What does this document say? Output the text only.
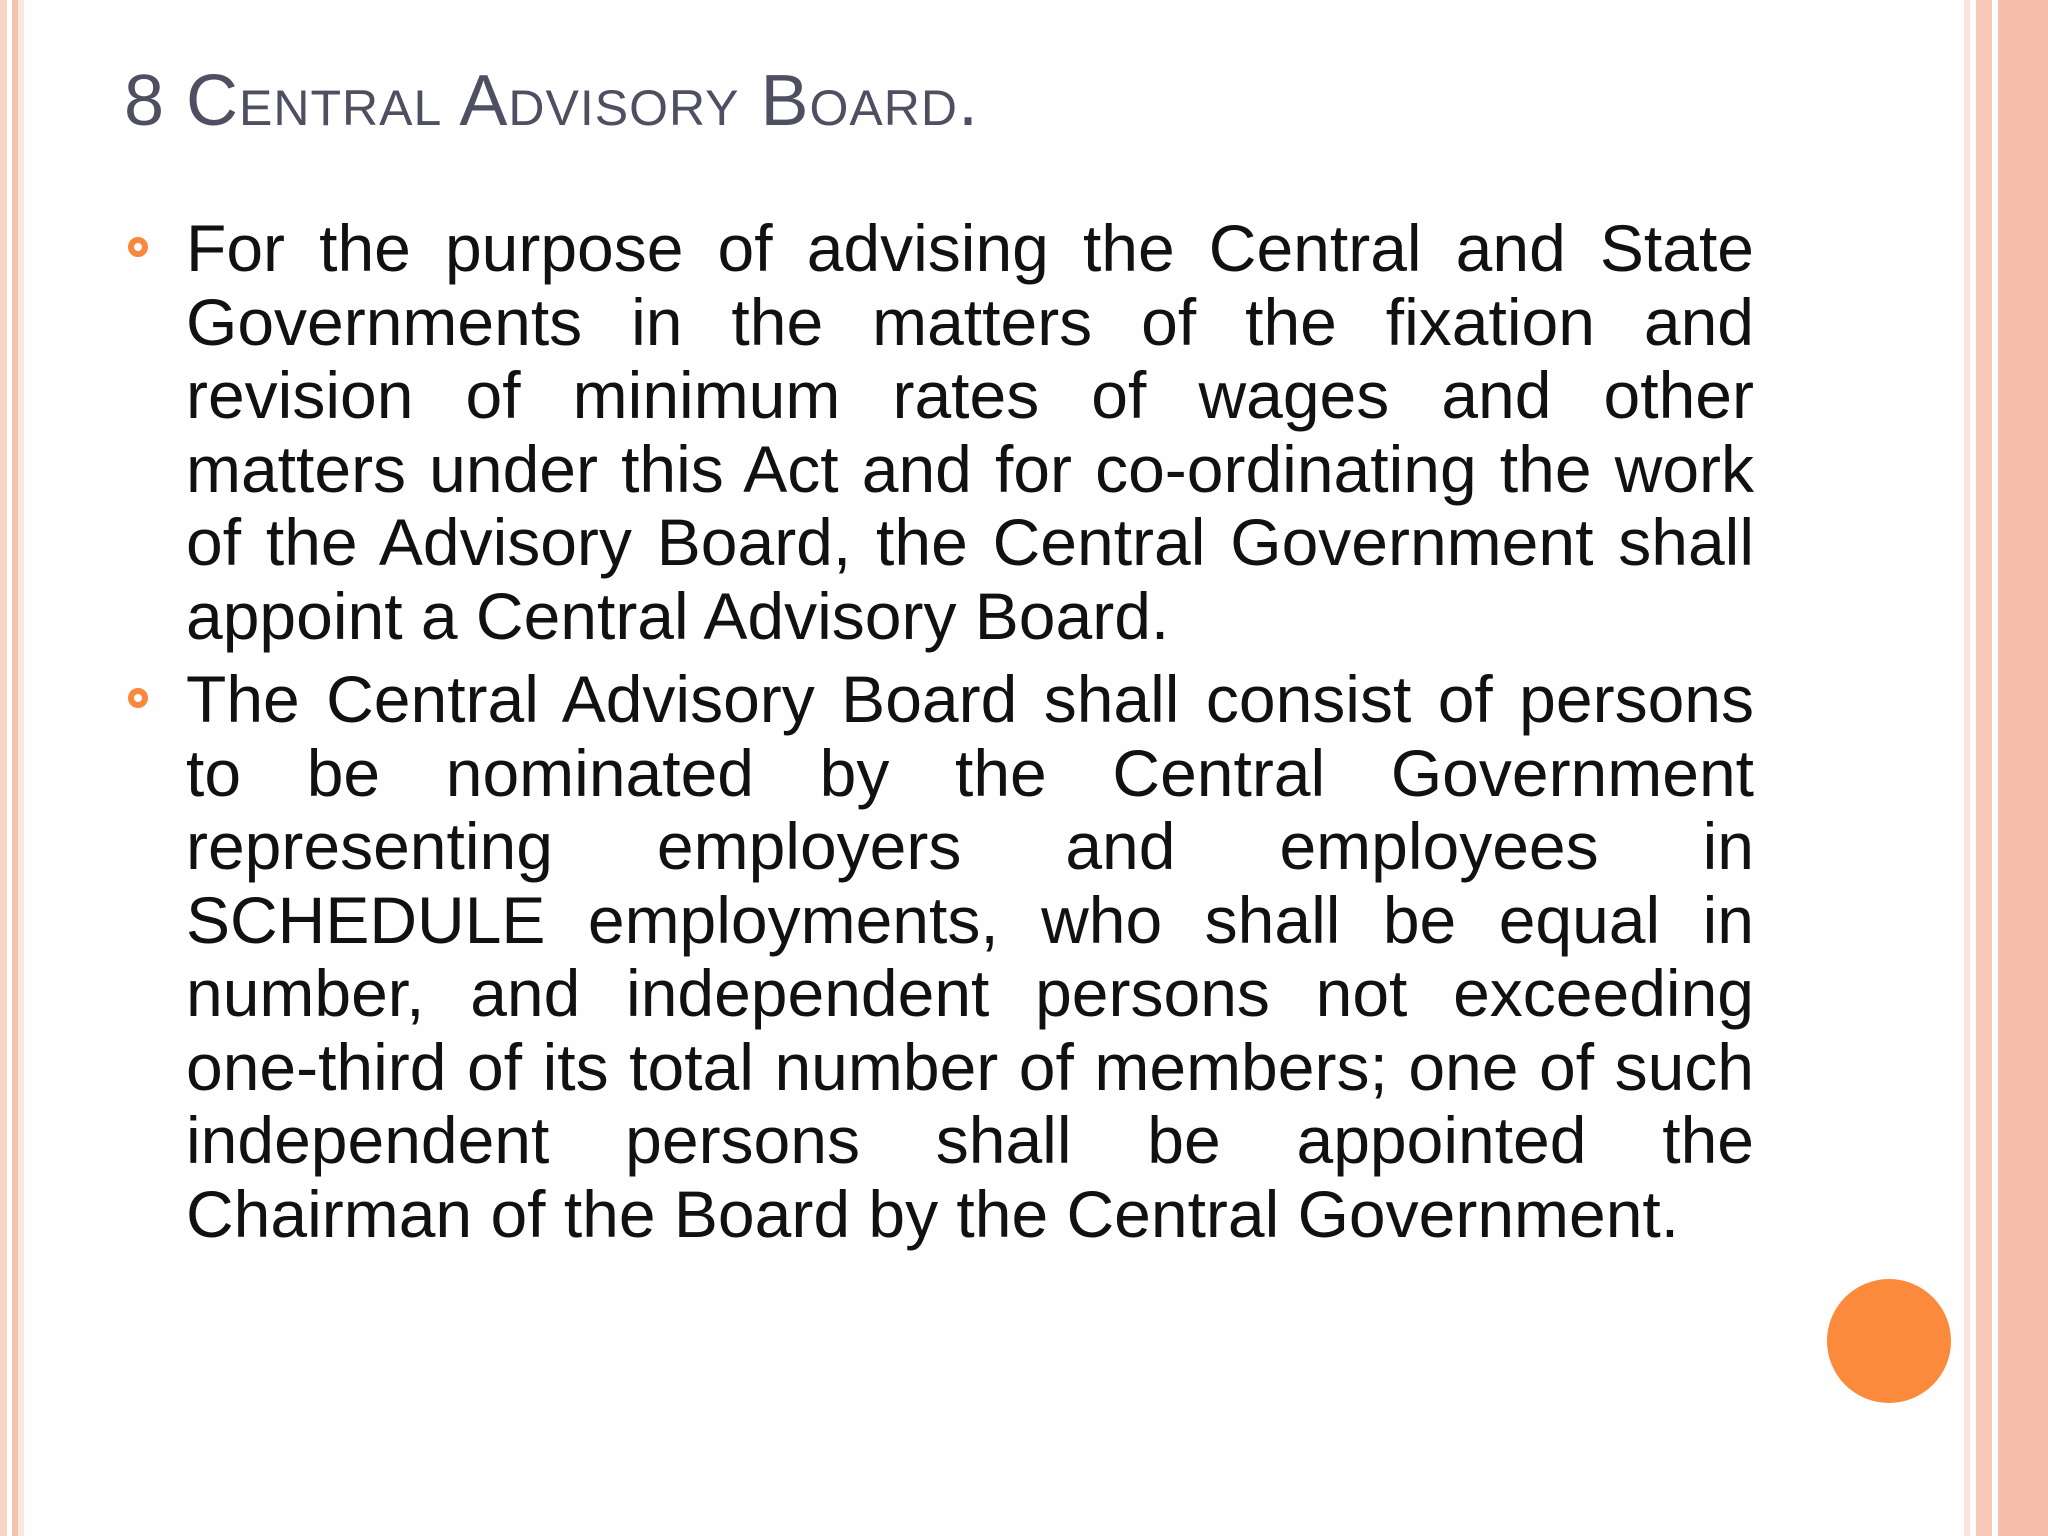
8 Central Advisory Board.
For the purpose of advising the Central and State Governments in the matters of the fixation and revision of minimum rates of wages and other matters under this Act and for co-ordinating the work of the Advisory Board, the Central Government shall appoint a Central Advisory Board.
The Central Advisory Board shall consist of persons to be nominated by the Central Government representing employers and employees in SCHEDULE employments, who shall be equal in number, and independent persons not exceeding one-third of its total number of members; one of such independent persons shall be appointed the Chairman of the Board by the Central Government.
